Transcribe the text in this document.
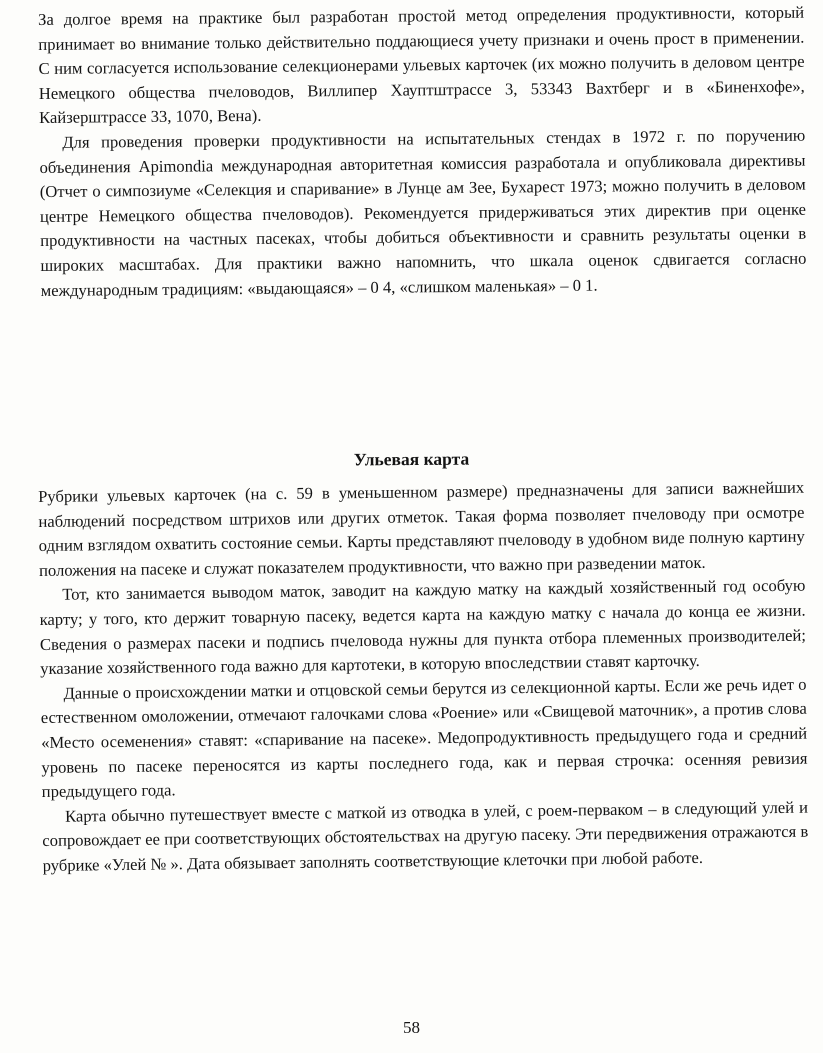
За долгое время на практике был разработан простой метод определения продуктивности, который принимает во внимание только действительно поддающиеся учету признаки и очень прост в применении. С ним согласуется использование селекционерами ульевых карточек (их можно получить в деловом центре Немецкого общества пчеловодов, Виллипер Хауптштрассе 3, 53343 Вахтберг и в «Биненхофе», Кайзерштрассе 33, 1070, Вена).

Для проведения проверки продуктивности на испытательных стендах в 1972 г. по поручению объединения Apimondia международная авторитетная комиссия разработала и опубликовала директивы (Отчет о симпозиуме «Селекция и спаривание» в Лунце ам Зее, Бухарест 1973; можно получить в деловом центре Немецкого общества пчеловодов). Рекомендуется придерживаться этих директив при оценке продуктивности на частных пасеках, чтобы добиться объективности и сравнить результаты оценки в широких масштабах. Для практики важно напомнить, что шкала оценок сдвигается согласно международным традициям: «выдающаяся» – 0 4, «слишком маленькая» – 0 1.

Ульевая карта

Рубрики ульевых карточек (на с. 59 в уменьшенном размере) предназначены для записи важнейших наблюдений посредством штрихов или других отметок. Такая форма позволяет пчеловоду при осмотре одним взглядом охватить состояние семьи. Карты представляют пчеловоду в удобном виде полную картину положения на пасеке и служат показателем продуктивности, что важно при разведении маток.

Тот, кто занимается выводом маток, заводит на каждую матку на каждый хозяйственный год особую карту; у того, кто держит товарную пасеку, ведется карта на каждую матку с начала до конца ее жизни. Сведения о размерах пасеки и подпись пчеловода нужны для пункта отбора племенных производителей; указание хозяйственного года важно для картотеки, в которую впоследствии ставят карточку.

Данные о происхождении матки и отцовской семьи берутся из селекционной карты. Если же речь идет о естественном омоложении, отмечают галочками слова «Роение» или «Свищевой маточник», а против слова «Место осеменения» ставят: «спаривание на пасеке». Медопродуктивность предыдущего года и средний уровень по пасеке переносятся из карты последнего года, как и первая строчка: осенняя ревизия предыдущего года.

Карта обычно путешествует вместе с маткой из отводка в улей, с роем-перваком – в следующий улей и сопровождает ее при соответствующих обстоятельствах на другую пасеку. Эти передвижения отражаются в рубрике «Улей № ». Дата обязывает заполнять соответствующие клеточки при любой работе.

58
